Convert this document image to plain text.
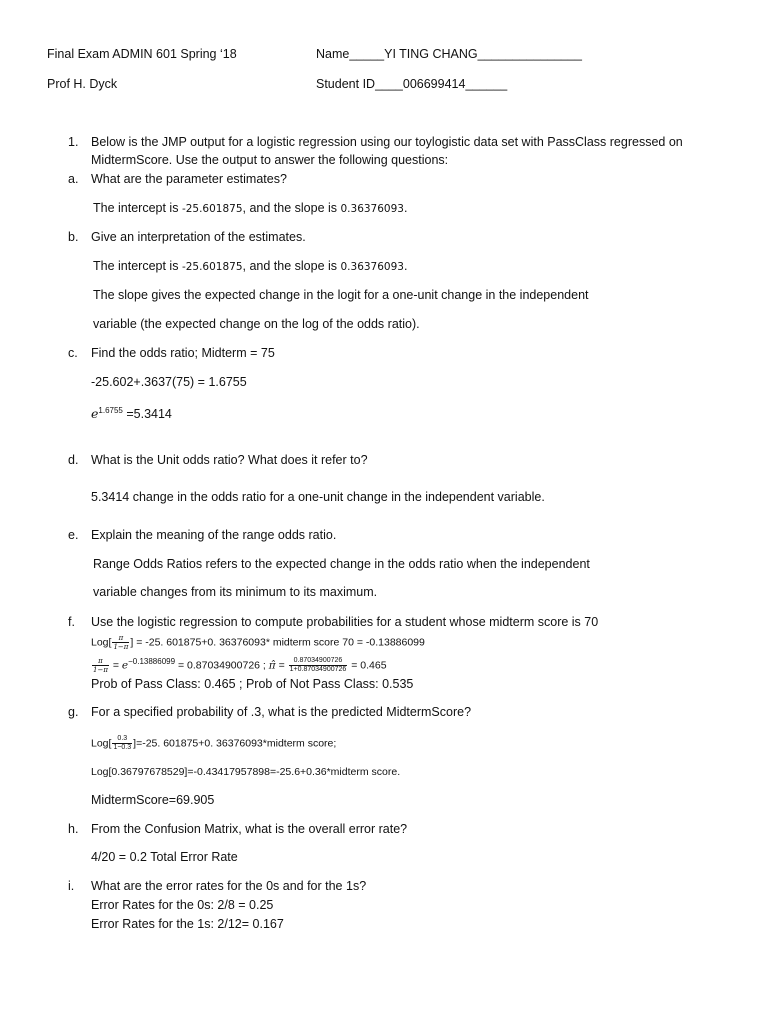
Final Exam ADMIN 601 Spring ‘18	Name_____YI TING CHANG_______________
Prof H. Dyck	Student ID____006699414______
1. Below is the JMP output for a logistic regression using our toylogistic data set with PassClass regressed on
MidtermScore. Use the output to answer the following questions:
a. What are the parameter estimates?
The intercept is -25.601875, and the slope is 0.36376093.
b. Give an interpretation of the estimates.
The intercept is -25.601875, and the slope is 0.36376093.
The slope gives the expected change in the logit for a one-unit change in the independent
variable (the expected change on the log of the odds ratio).
c. Find the odds ratio; Midterm = 75
-25.602+.3637(75) = 1.6755
$e^{1.6755} =5.3414$
d. What is the Unit odds ratio? What does it refer to?
5.3414 change in the odds ratio for a one-unit change in the independent variable.
e. Explain the meaning of the range odds ratio.
Range Odds Ratios refers to the expected change in the odds ratio when the independent
variable changes from its minimum to its maximum.
f. Use the logistic regression to compute probabilities for a student whose midterm score is 70
$Log[ \frac{\pi}{1-\pi}$ ] = -25. 601875+0. 36376093* midterm score 70 = -0.13886099
$\frac{\pi}{1-\pi} = e^{-0.13886099} = 0.87034900726$ ; π̂ = $\frac{0.87034900726}{1+0.87034900726} = 0.465$
Prob of Pass Class: 0.465 ; Prob of Not Pass Class: 0.535
g. For a specified probability of .3, what is the predicted MidtermScore?
$Log[ \frac{0.3}{1-0.3} ]=-25$. 601875+0. 36376093*midterm score;
Log[0.36797678529]=-0.43417957898=-25.6+0.36*midterm score.
MidtermScore=69.905
h. From the Confusion Matrix, what is the overall error rate?
4/20 = 0.2 Total Error Rate
i. What are the error rates for the 0s and for the 1s?
Error Rates for the 0s: 2/8 = 0.25
Error Rates for the 1s: 2/12= 0.167
